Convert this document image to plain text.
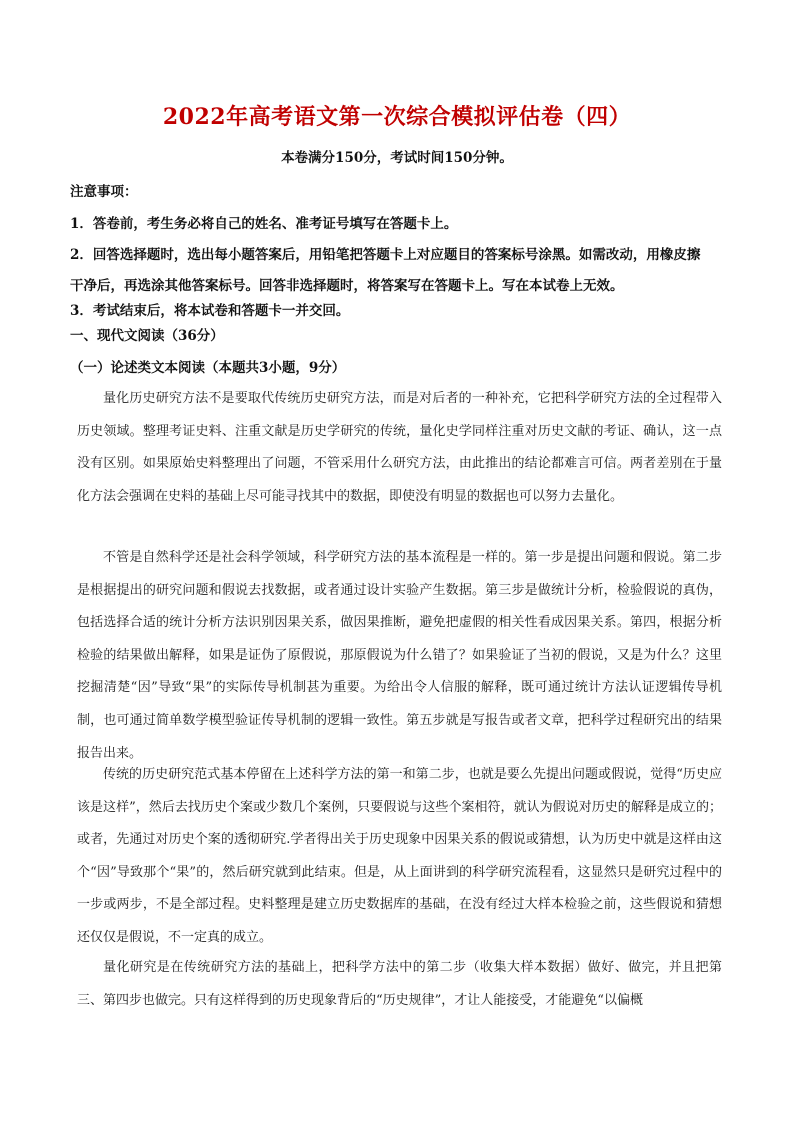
2022年高考语文第一次综合模拟评估卷（四）
本卷满分150分，考试时间150分钟。
注意事项：
1．答卷前，考生务必将自己的姓名、准考证号填写在答题卡上。
2．回答选择题时，选出每小题答案后，用铅笔把答题卡上对应题目的答案标号涂黑。如需改动，用橡皮擦
干净后，再选涂其他答案标号。回答非选择题时，将答案写在答题卡上。写在本试卷上无效。
3．考试结束后，将本试卷和答题卡一并交回。
一、现代文阅读（36分）
（一）论述类文本阅读（本题共3小题，9分）
量化历史研究方法不是要取代传统历史研究方法，而是对后者的一种补充，它把科学研究方法的全过程带入历史领域。整理考证史料、注重文献是历史学研究的传统，量化史学同样注重对历史文献的考证、确认，这一点没有区别。如果原始史料整理出了问题，不管采用什么研究方法，由此推出的结论都难言可信。两者差别在于量化方法会强调在史料的基础上尽可能寻找其中的数据，即使没有明显的数据也可以努力去量化。
不管是自然科学还是社会科学领域，科学研究方法的基本流程是一样的。第一步是提出问题和假说。第二步是根据提出的研究问题和假说去找数据，或者通过设计实验产生数据。第三步是做统计分析，检验假说的真伪，包括选择合适的统计分析方法识别因果关系，做因果推断，避免把虚假的相关性看成因果关系。第四，根据分析检验的结果做出解释，如果是证伪了原假说，那原假说为什么错了？如果验证了当初的假说，又是为什么？这里挖掘清楚“因”导致“果”的实际传导机制甚为重要。为给出令人信服的解释，既可通过统计方法认证逻辑传导机制，也可通过简单数学模型验证传导机制的逻辑一致性。第五步就是写报告或者文章，把科学过程研究出的结果报告出来。
传统的历史研究范式基本停留在上述科学方法的第一和第二步，也就是要么先提出问题或假说，觉得“历史应该是这样”，然后去找历史个案或少数几个案例，只要假说与这些个案相符，就认为假说对历史的解释是成立的；或者，先通过对历史个案的透彻研究.学者得出关于历史现象中因果关系的假说或猜想，认为历史中就是这样由这个“因”导致那个“果”的，然后研究就到此结束。但是，从上面讲到的科学研究流程看，这显然只是研究过程中的一步或两步，不是全部过程。史料整理是建立历史数据库的基础，在没有经过大样本检验之前，这些假说和猜想还仅仅是假说，不一定真的成立。
量化研究是在传统研究方法的基础上，把科学方法中的第二步（收集大样本数据）做好、做完，并且把第三、第四步也做完。只有这样得到的历史现象背后的“历史规律”，才让人能接受，才能避免“以偏概
